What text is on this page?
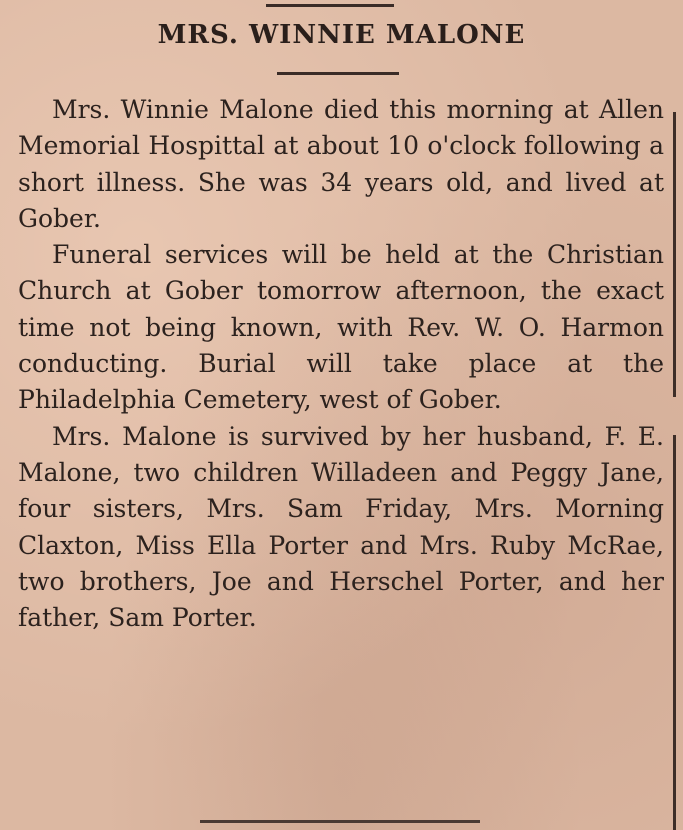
MRS. WINNIE MALONE

Mrs. Winnie Malone died this morning at Allen Memorial Hospittal at about 10 o'clock following a short illness. She was 34 years old, and lived at Gober.

Funeral services will be held at the Christian Church at Gober tomorrow afternoon, the exact time not being known, with Rev. W. O. Harmon conducting. Burial will take place at the Philadelphia Cemetery, west of Gober.

Mrs. Malone is survived by her husband, F. E. Malone, two children Willadeen and Peggy Jane, four sisters, Mrs. Sam Friday, Mrs. Morning Claxton, Miss Ella Porter and Mrs. Ruby McRae, two brothers, Joe and Herschel Porter, and her father, Sam Porter.
